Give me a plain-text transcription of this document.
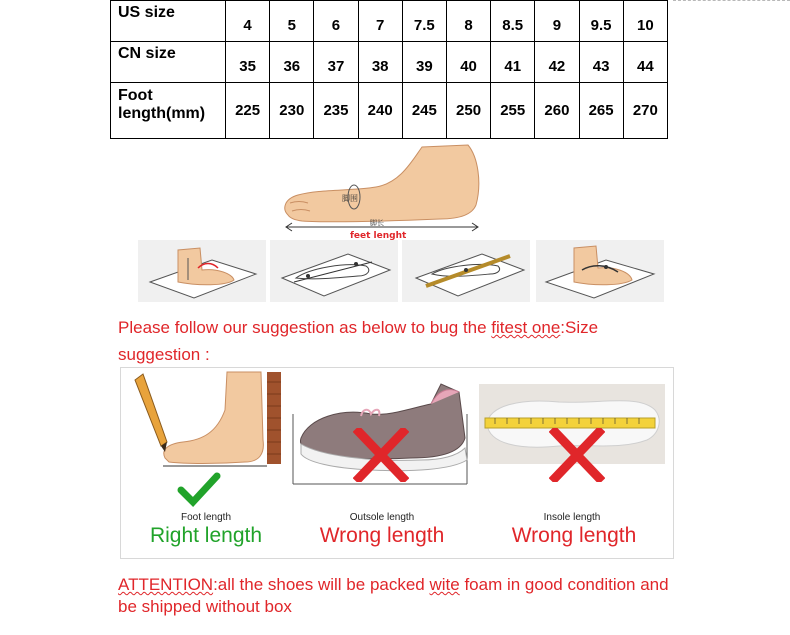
US size	4	5	6	7	7.5	8	8.5	9	9.5	10
CN size	35	36	37	38	39	40	41	42	43	44
Foot length(mm)	225	230	235	240	245	250	255	260	265	270
脚围
脚长
feet lenght
Please follow our suggestion as below to bug the fitest one:Size suggestion :
Foot length
Right length
Outsole length
Wrong length
Insole length
Wrong length
ATTENTION:all the shoes will be packed wite foam in good condition and be shipped without box
